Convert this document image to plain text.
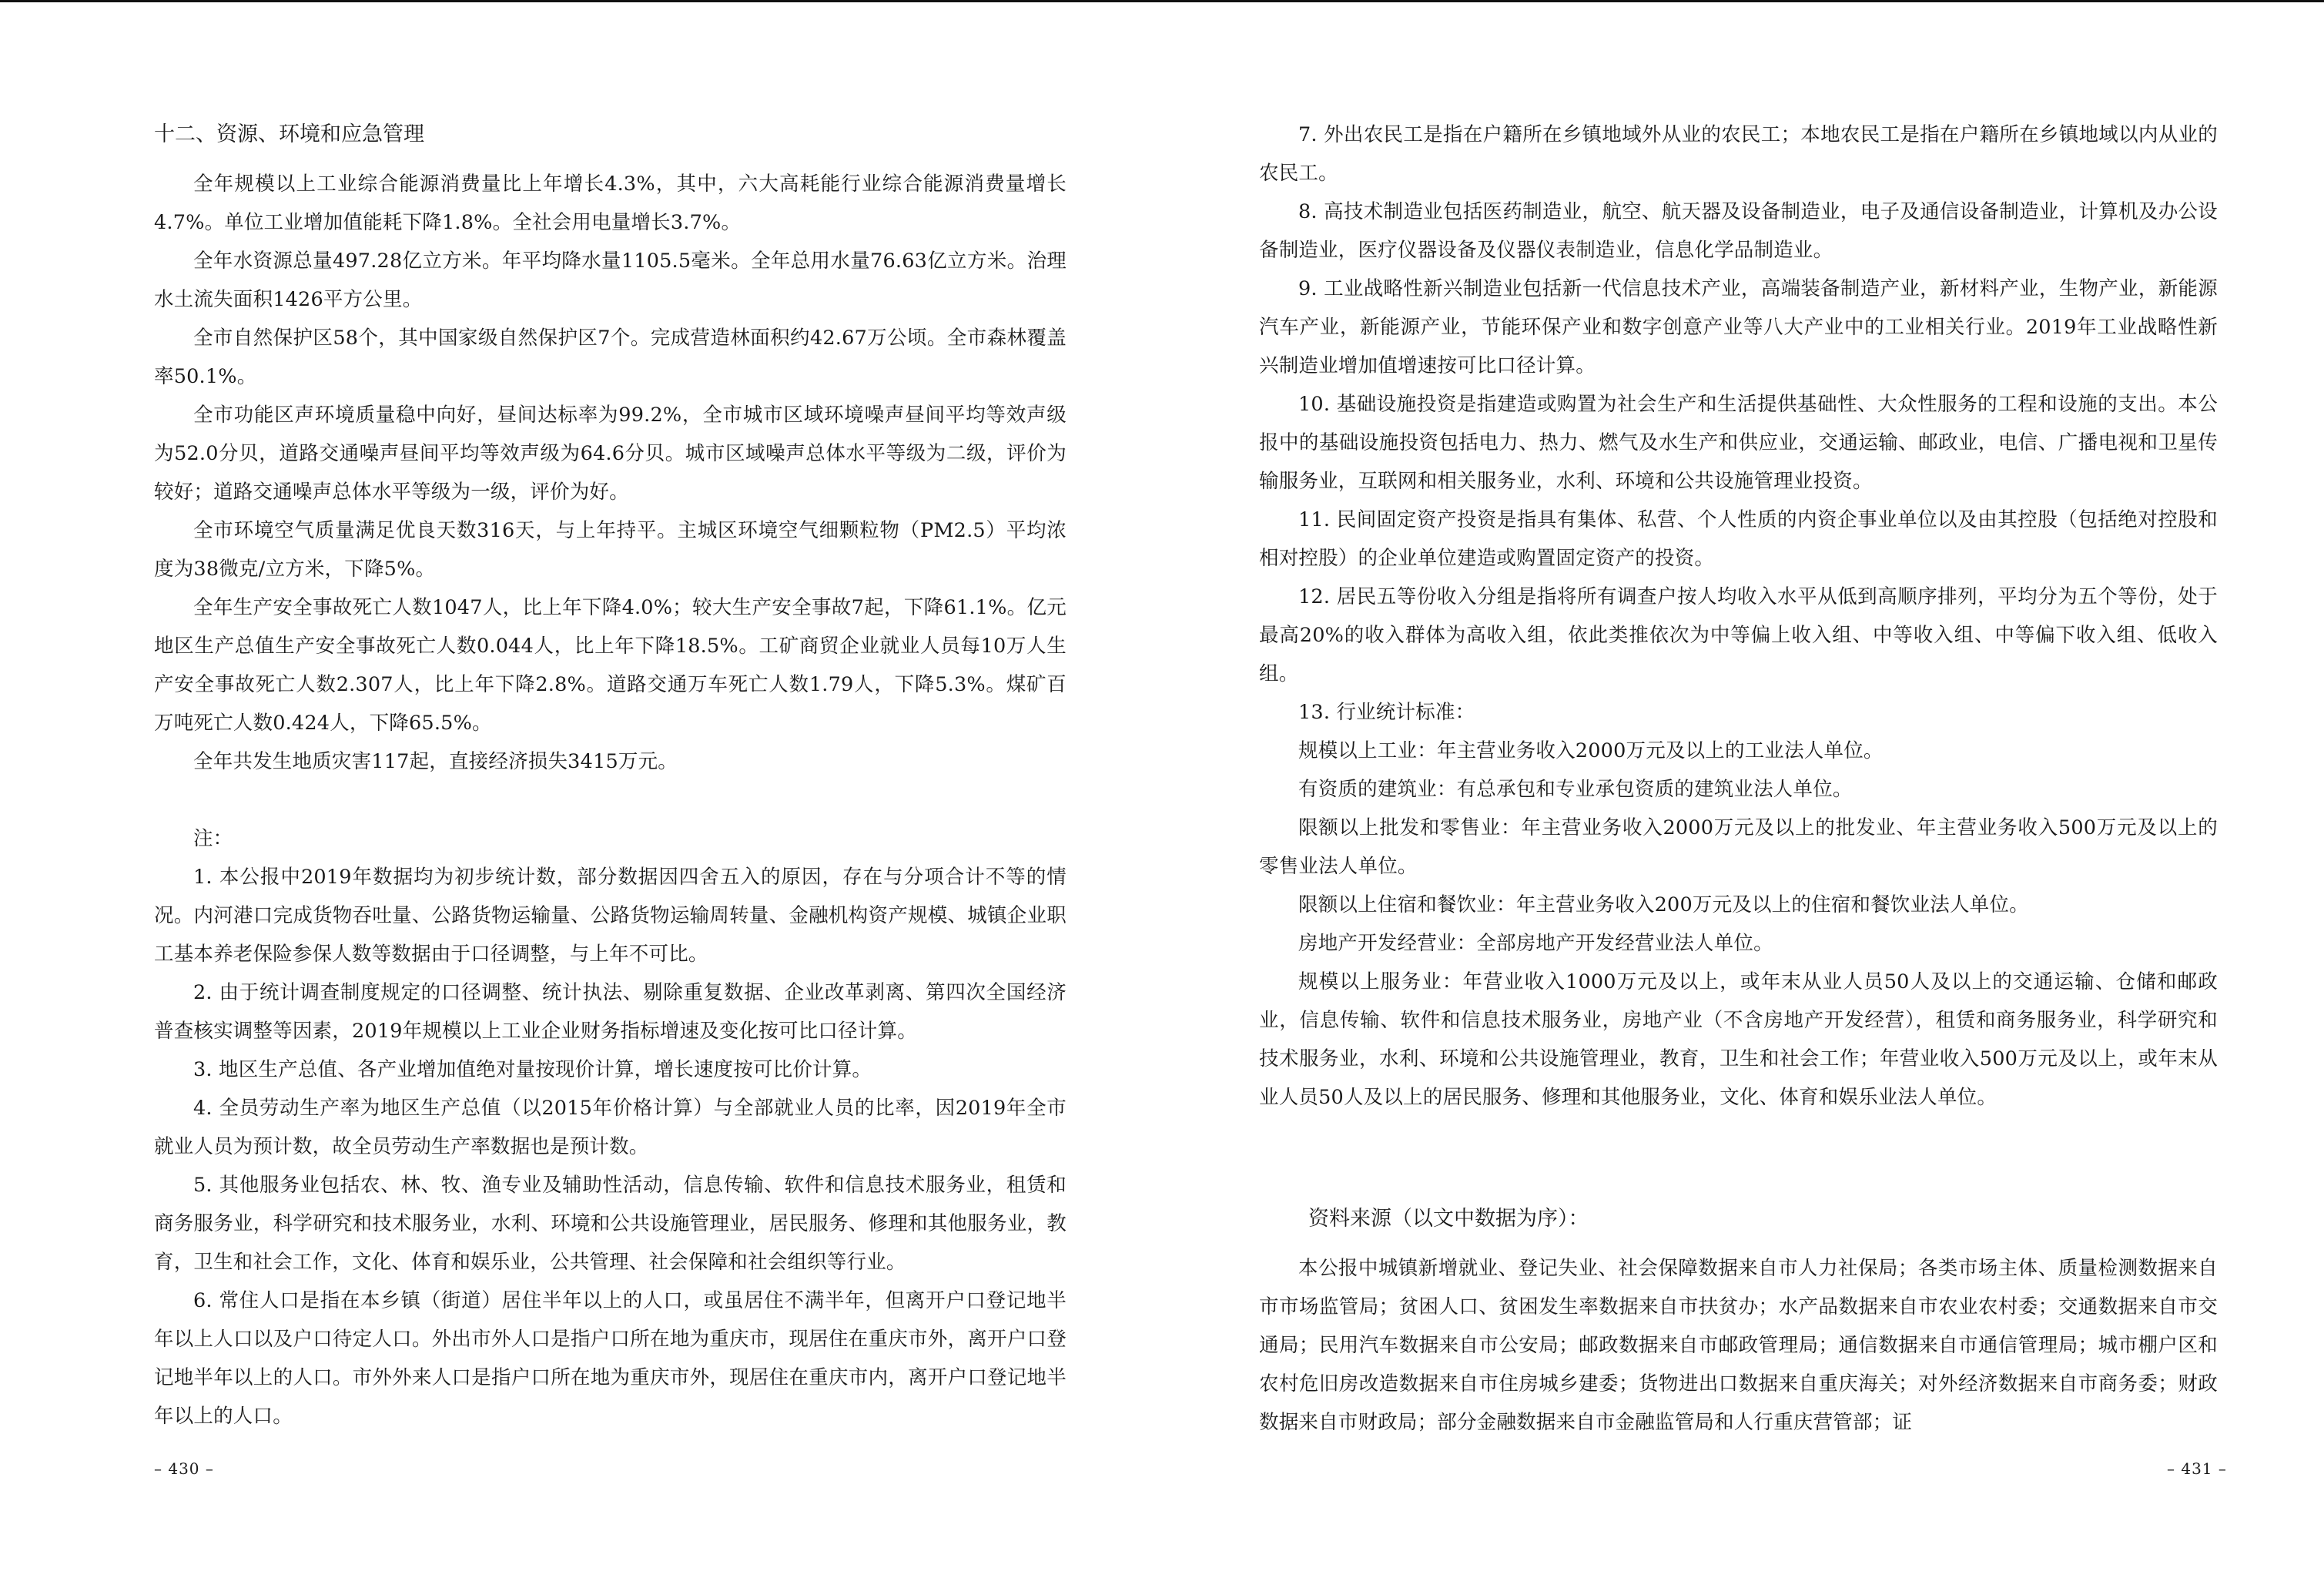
十二、资源、环境和应急管理

全年规模以上工业综合能源消费量比上年增长4.3%，其中，六大高耗能行业综合能源消费量增长4.7%。单位工业增加值能耗下降1.8%。全社会用电量增长3.7%。

全年水资源总量497.28亿立方米。年平均降水量1105.5毫米。全年总用水量76.63亿立方米。治理水土流失面积1426平方公里。

全市自然保护区58个，其中国家级自然保护区7个。完成营造林面积约42.67万公顷。全市森林覆盖率50.1%。

全市功能区声环境质量稳中向好，昼间达标率为99.2%，全市城市区域环境噪声昼间平均等效声级为52.0分贝，道路交通噪声昼间平均等效声级为64.6分贝。城市区域噪声总体水平等级为二级，评价为较好；道路交通噪声总体水平等级为一级，评价为好。

全市环境空气质量满足优良天数316天，与上年持平。主城区环境空气细颗粒物（PM2.5）平均浓度为38微克/立方米，下降5%。

全年生产安全事故死亡人数1047人，比上年下降4.0%；较大生产安全事故7起，下降61.1%。亿元地区生产总值生产安全事故死亡人数0.044人，比上年下降18.5%。工矿商贸企业就业人员每10万人生产安全事故死亡人数2.307人，比上年下降2.8%。道路交通万车死亡人数1.79人，下降5.3%。煤矿百万吨死亡人数0.424人，下降65.5%。

全年共发生地质灾害117起，直接经济损失3415万元。

注：

1. 本公报中2019年数据均为初步统计数，部分数据因四舍五入的原因，存在与分项合计不等的情况。内河港口完成货物吞吐量、公路货物运输量、公路货物运输周转量、金融机构资产规模、城镇企业职工基本养老保险参保人数等数据由于口径调整，与上年不可比。

2. 由于统计调查制度规定的口径调整、统计执法、剔除重复数据、企业改革剥离、第四次全国经济普查核实调整等因素，2019年规模以上工业企业财务指标增速及变化按可比口径计算。

3. 地区生产总值、各产业增加值绝对量按现价计算，增长速度按可比价计算。

4. 全员劳动生产率为地区生产总值（以2015年价格计算）与全部就业人员的比率，因2019年全市就业人员为预计数，故全员劳动生产率数据也是预计数。

5. 其他服务业包括农、林、牧、渔专业及辅助性活动，信息传输、软件和信息技术服务业，租赁和商务服务业，科学研究和技术服务业，水利、环境和公共设施管理业，居民服务、修理和其他服务业，教育，卫生和社会工作，文化、体育和娱乐业，公共管理、社会保障和社会组织等行业。

6. 常住人口是指在本乡镇（街道）居住半年以上的人口，或虽居住不满半年，但离开户口登记地半年以上人口以及户口待定人口。外出市外人口是指户口所在地为重庆市，现居住在重庆市外，离开户口登记地半年以上的人口。市外外来人口是指户口所在地为重庆市外，现居住在重庆市内，离开户口登记地半年以上的人口。

– 430 –

7. 外出农民工是指在户籍所在乡镇地域外从业的农民工；本地农民工是指在户籍所在乡镇地域以内从业的农民工。

8. 高技术制造业包括医药制造业，航空、航天器及设备制造业，电子及通信设备制造业，计算机及办公设备制造业，医疗仪器设备及仪器仪表制造业，信息化学品制造业。

9. 工业战略性新兴制造业包括新一代信息技术产业，高端装备制造产业，新材料产业，生物产业，新能源汽车产业，新能源产业，节能环保产业和数字创意产业等八大产业中的工业相关行业。2019年工业战略性新兴制造业增加值增速按可比口径计算。

10. 基础设施投资是指建造或购置为社会生产和生活提供基础性、大众性服务的工程和设施的支出。本公报中的基础设施投资包括电力、热力、燃气及水生产和供应业，交通运输、邮政业，电信、广播电视和卫星传输服务业，互联网和相关服务业，水利、环境和公共设施管理业投资。

11. 民间固定资产投资是指具有集体、私营、个人性质的内资企事业单位以及由其控股（包括绝对控股和相对控股）的企业单位建造或购置固定资产的投资。

12. 居民五等份收入分组是指将所有调查户按人均收入水平从低到高顺序排列，平均分为五个等份，处于最高20%的收入群体为高收入组，依此类推依次为中等偏上收入组、中等收入组、中等偏下收入组、低收入组。

13. 行业统计标准：

规模以上工业：年主营业务收入2000万元及以上的工业法人单位。

有资质的建筑业：有总承包和专业承包资质的建筑业法人单位。

限额以上批发和零售业：年主营业务收入2000万元及以上的批发业、年主营业务收入500万元及以上的零售业法人单位。

限额以上住宿和餐饮业：年主营业务收入200万元及以上的住宿和餐饮业法人单位。

房地产开发经营业：全部房地产开发经营业法人单位。

规模以上服务业：年营业收入1000万元及以上，或年末从业人员50人及以上的交通运输、仓储和邮政业，信息传输、软件和信息技术服务业，房地产业（不含房地产开发经营），租赁和商务服务业，科学研究和技术服务业，水利、环境和公共设施管理业，教育，卫生和社会工作；年营业收入500万元及以上，或年末从业人员50人及以上的居民服务、修理和其他服务业，文化、体育和娱乐业法人单位。

资料来源（以文中数据为序）：

本公报中城镇新增就业、登记失业、社会保障数据来自市人力社保局；各类市场主体、质量检测数据来自市市场监管局；贫困人口、贫困发生率数据来自市扶贫办；水产品数据来自市农业农村委；交通数据来自市交通局；民用汽车数据来自市公安局；邮政数据来自市邮政管理局；通信数据来自市通信管理局；城市棚户区和农村危旧房改造数据来自市住房城乡建委；货物进出口数据来自重庆海关；对外经济数据来自市商务委；财政数据来自市财政局；部分金融数据来自市金融监管局和人行重庆营管部；证

– 431 –
